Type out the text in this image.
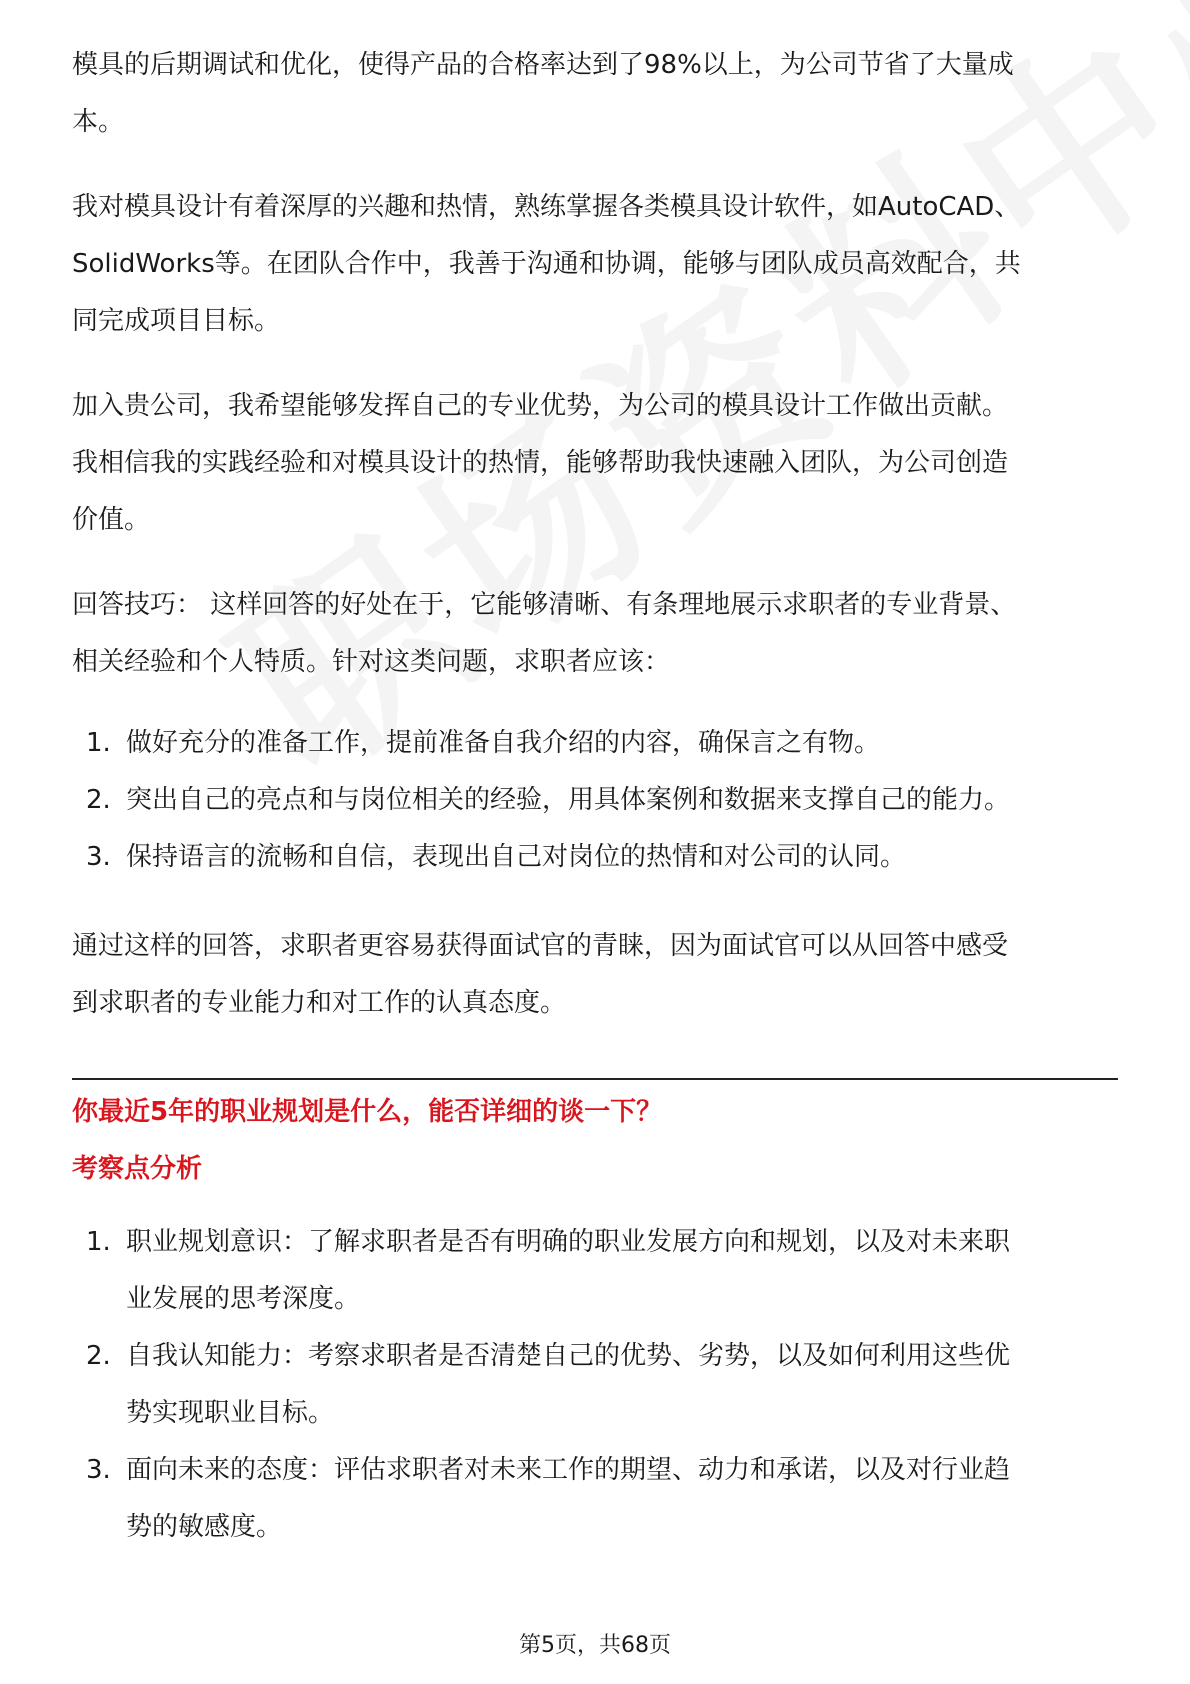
模具的后期调试和优化，使得产品的合格率达到了98%以上，为公司节省了大量成

本。

我对模具设计有着深厚的兴趣和热情，熟练掌握各类模具设计软件，如AutoCAD、

SolidWorks等。在团队合作中，我善于沟通和协调，能够与团队成员高效配合，共

同完成项目目标。

加入贵公司，我希望能够发挥自己的专业优势，为公司的模具设计工作做出贡献。

我相信我的实践经验和对模具设计的热情，能够帮助我快速融入团队，为公司创造

价值。

回答技巧： 这样回答的好处在于，它能够清晰、有条理地展示求职者的专业背景、

相关经验和个人特质。针对这类问题，求职者应该：

1. 做好充分的准备工作，提前准备自我介绍的内容，确保言之有物。
2. 突出自己的亮点和与岗位相关的经验，用具体案例和数据来支撑自己的能力。
3. 保持语言的流畅和自信，表现出自己对岗位的热情和对公司的认同。

通过这样的回答，求职者更容易获得面试官的青睐，因为面试官可以从回答中感受

到求职者的专业能力和对工作的认真态度。

你最近5年的职业规划是什么，能否详细的谈一下？

考察点分析

1. 职业规划意识：了解求职者是否有明确的职业发展方向和规划，以及对未来职
业发展的思考深度。
2. 自我认知能力：考察求职者是否清楚自己的优势、劣势，以及如何利用这些优
势实现职业目标。
3. 面向未来的态度：评估求职者对未来工作的期望、动力和承诺，以及对行业趋
势的敏感度。
第5页，共68页
